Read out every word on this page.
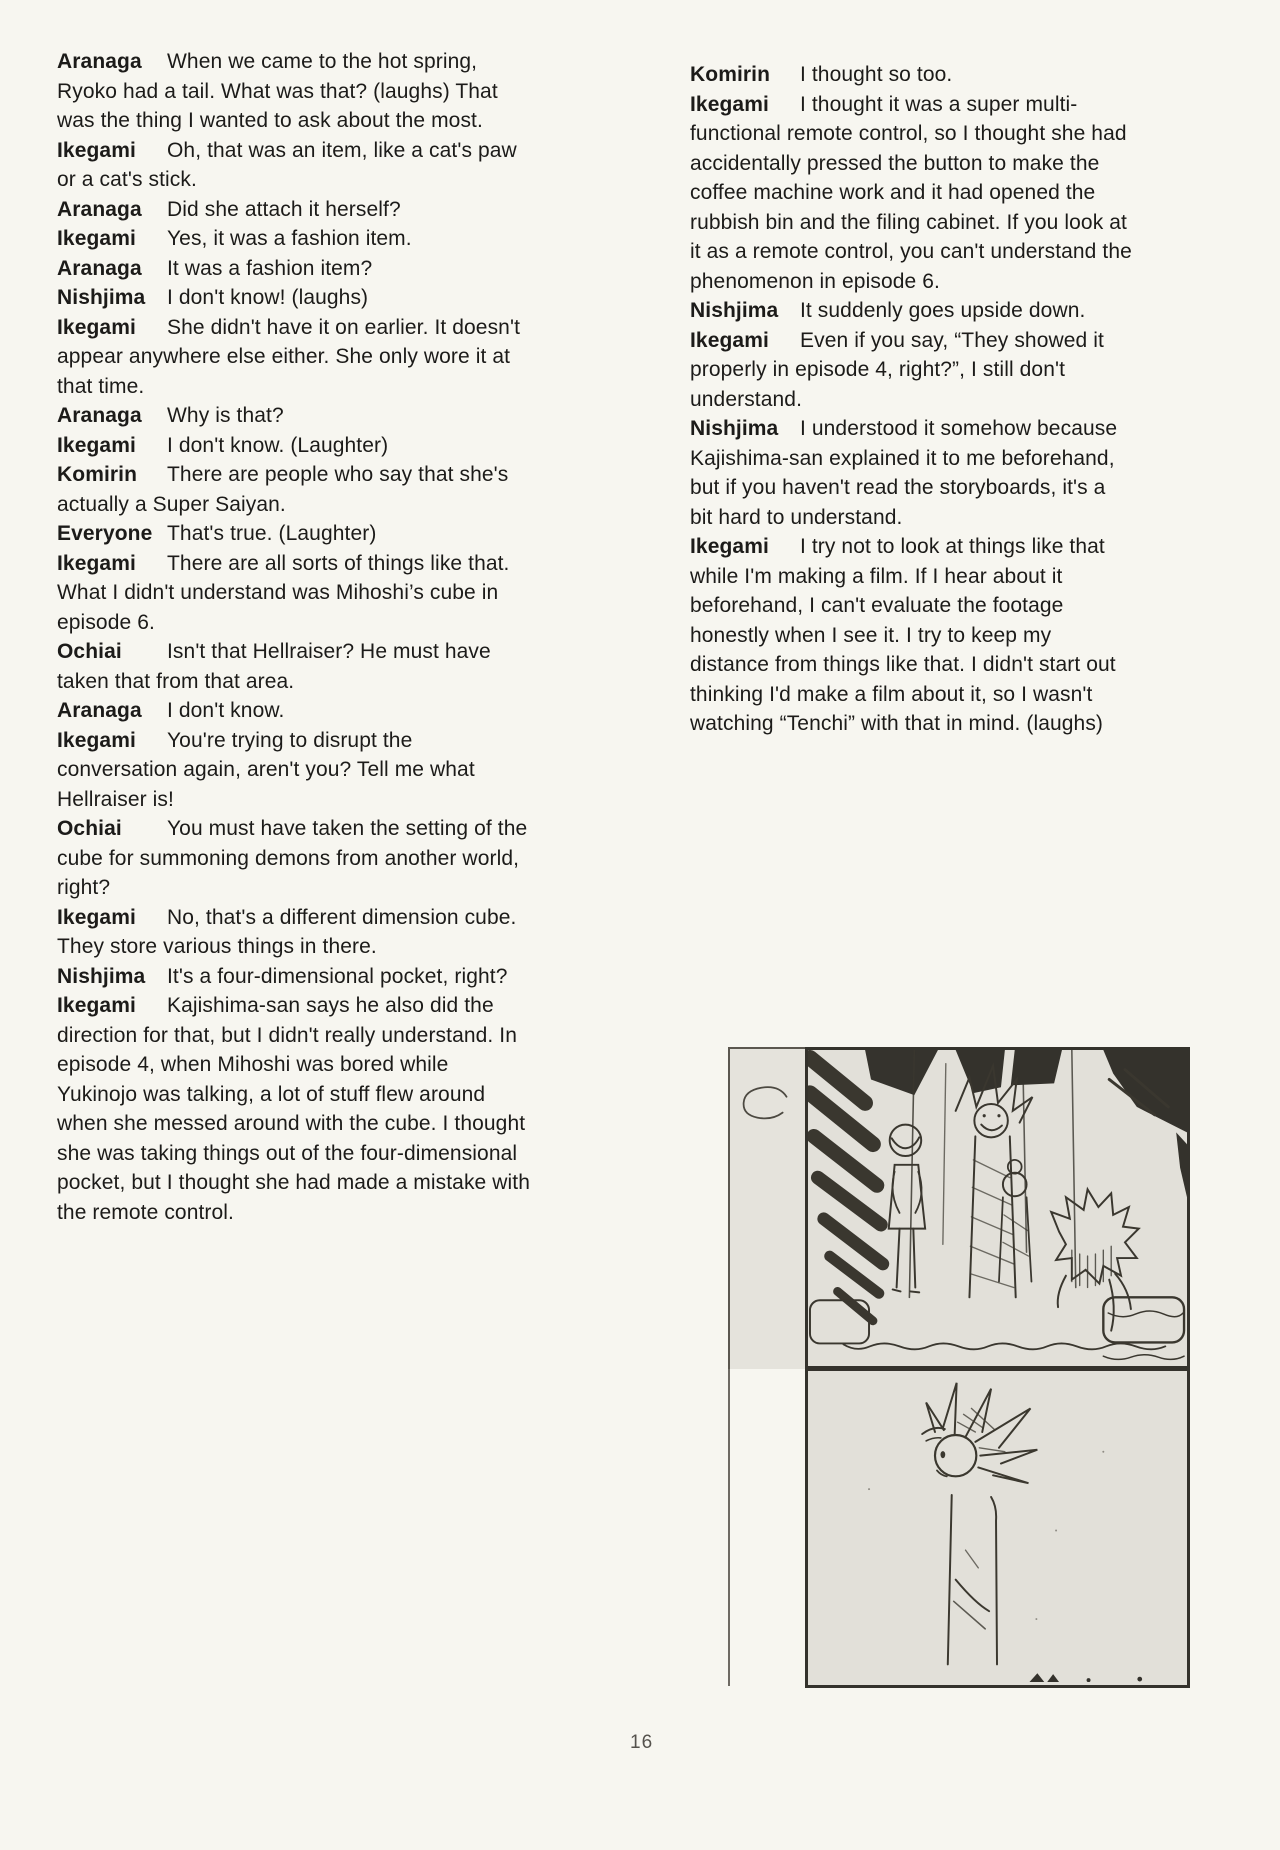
Aranaga When we came to the hot spring, Ryoko had a tail. What was that? (laughs) That was the thing I wanted to ask about the most.

Ikegami Oh, that was an item, like a cat's paw or a cat's stick.

Aranaga Did she attach it herself?

Ikegami Yes, it was a fashion item.

Aranaga It was a fashion item?

Nishjima I don't know! (laughs)

Ikegami She didn't have it on earlier. It doesn't appear anywhere else either. She only wore it at that time.

Aranaga Why is that?

Ikegami I don't know. (Laughter)

Komirin There are people who say that she's actually a Super Saiyan.

Everyone That's true. (Laughter)

Ikegami There are all sorts of things like that. What I didn't understand was Mihoshi’s cube in episode 6.

Ochiai Isn't that Hellraiser? He must have taken that from that area.

Aranaga I don't know.

Ikegami You're trying to disrupt the conversation again, aren't you? Tell me what Hellraiser is!

Ochiai You must have taken the setting of the cube for summoning demons from another world, right?

Ikegami No, that's a different dimension cube. They store various things in there.

Nishjima It's a four-dimensional pocket, right?

Ikegami Kajishima-san says he also did the direction for that, but I didn't really understand. In episode 4, when Mihoshi was bored while Yukinojo was talking, a lot of stuff flew around when she messed around with the cube. I thought she was taking things out of the four-dimensional pocket, but I thought she had made a mistake with the remote control.

Komirin I thought so too.

Ikegami I thought it was a super multi-functional remote control, so I thought she had accidentally pressed the button to make the coffee machine work and it had opened the rubbish bin and the filing cabinet. If you look at it as a remote control, you can't understand the phenomenon in episode 6.

Nishjima It suddenly goes upside down.

Ikegami Even if you say, “They showed it properly in episode 4, right?”, I still don't understand.

Nishjima I understood it somehow because Kajishima-san explained it to me beforehand, but if you haven't read the storyboards, it's a bit hard to understand.

Ikegami I try not to look at things like that while I'm making a film. If I hear about it beforehand, I can't evaluate the footage honestly when I see it. I try to keep my distance from things like that. I didn't start out thinking I'd make a film about it, so I wasn't watching “Tenchi” with that in mind. (laughs)

16
